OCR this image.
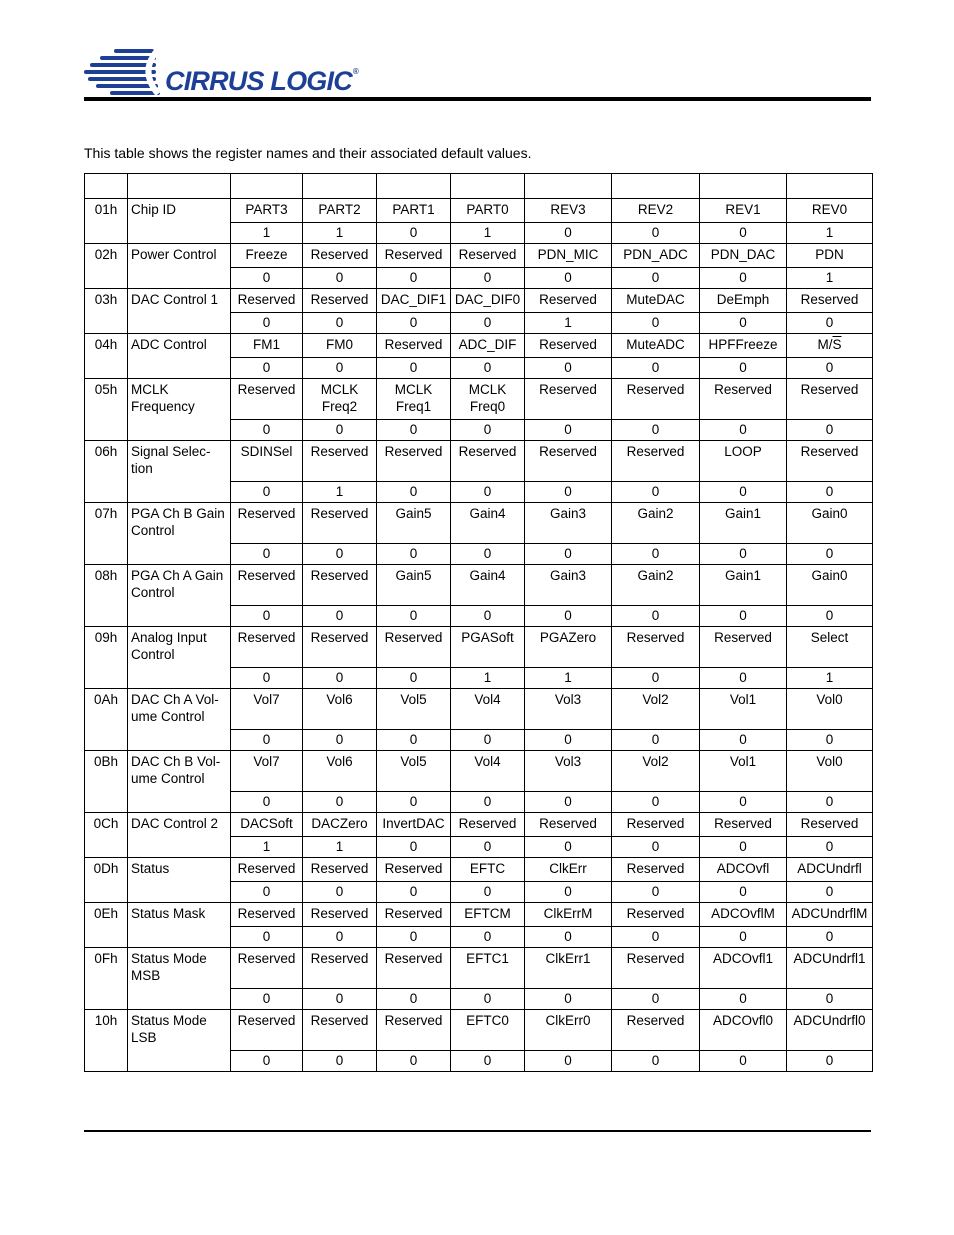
CIRRUS LOGIC®
This table shows the register names and their associated default values.

01h	Chip ID	PART3	PART2	PART1	PART0	REV3	REV2	REV1	REV0
		1	1	0	1	0	0	0	1
02h	Power Control	Freeze	Reserved	Reserved	Reserved	PDN_MIC	PDN_ADC	PDN_DAC	PDN
		0	0	0	0	0	0	0	1
03h	DAC Control 1	Reserved	Reserved	DAC_DIF1	DAC_DIF0	Reserved	MuteDAC	DeEmph	Reserved
		0	0	0	0	1	0	0	0
04h	ADC Control	FM1	FM0	Reserved	ADC_DIF	Reserved	MuteADC	HPFFreeze	$M/\overline{S}$
		0	0	0	0	0	0	0	0
05h	MCLK Frequency	Reserved	MCLK Freq2	MCLK Freq1	MCLK Freq0	Reserved	Reserved	Reserved	Reserved
		0	0	0	0	0	0	0	0
06h	Signal Selec-tion	SDINSel	Reserved	Reserved	Reserved	Reserved	Reserved	LOOP	Reserved
		0	1	0	0	0	0	0	0
07h	PGA Ch B Gain Control	Reserved	Reserved	Gain5	Gain4	Gain3	Gain2	Gain1	Gain0
		0	0	0	0	0	0	0	0
08h	PGA Ch A Gain Control	Reserved	Reserved	Gain5	Gain4	Gain3	Gain2	Gain1	Gain0
		0	0	0	0	0	0	0	0
09h	Analog Input Control	Reserved	Reserved	Reserved	PGASoft	PGAZero	Reserved	Reserved	Select
		0	0	0	1	1	0	0	1
0Ah	DAC Ch A Vol-ume Control	Vol7	Vol6	Vol5	Vol4	Vol3	Vol2	Vol1	Vol0
		0	0	0	0	0	0	0	0
0Bh	DAC Ch B Vol-ume Control	Vol7	Vol6	Vol5	Vol4	Vol3	Vol2	Vol1	Vol0
		0	0	0	0	0	0	0	0
0Ch	DAC Control 2	DACSoft	DACZero	InvertDAC	Reserved	Reserved	Reserved	Reserved	Reserved
		1	1	0	0	0	0	0	0
0Dh	Status	Reserved	Reserved	Reserved	EFTC	ClkErr	Reserved	ADCOvfl	ADCUndrfl
		0	0	0	0	0	0	0	0
0Eh	Status Mask	Reserved	Reserved	Reserved	EFTCM	ClkErrM	Reserved	ADCOvflM	ADCUndrflM
		0	0	0	0	0	0	0	0
0Fh	Status Mode MSB	Reserved	Reserved	Reserved	EFTC1	ClkErr1	Reserved	ADCOvfl1	ADCUndrfl1
		0	0	0	0	0	0	0	0
10h	Status Mode LSB	Reserved	Reserved	Reserved	EFTC0	ClkErr0	Reserved	ADCOvfl0	ADCUndrfl0
		0	0	0	0	0	0	0	0
